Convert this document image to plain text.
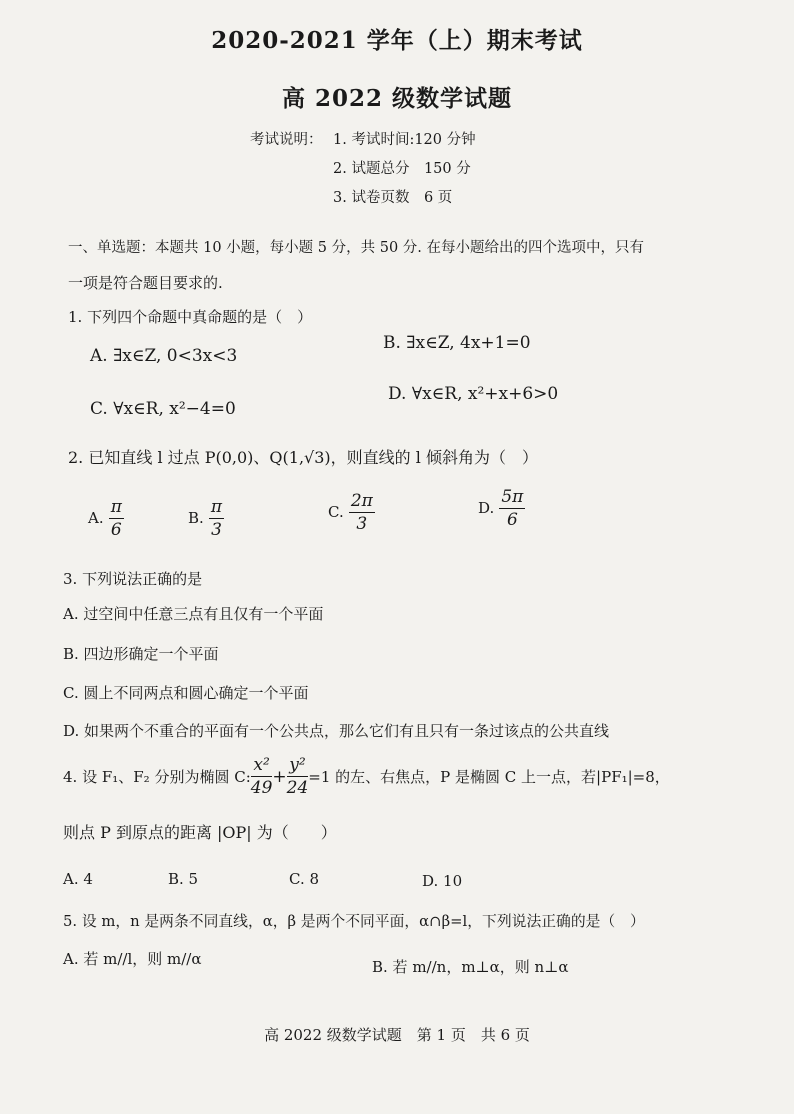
2020-2021 学年（上）期末考试
高 2022 级数学试题
考试说明： 1. 考试时间:120 分钟
2. 试题总分　150 分
3. 试卷页数　6 页
一、单选题：本题共 10 小题，每小题 5 分，共 50 分. 在每小题给出的四个选项中，只有
一项是符合题目要求的.
1. 下列四个命题中真命题的是（　）
A. ∃x∈Z, 0<3x<3
B. ∃x∈Z, 4x+1=0
C. ∀x∈R, x²−4=0
D. ∀x∈R, x²+x+6>0
2. 已知直线 l 过点 P(0,0)、Q(1,√3)，则直线的 l 倾斜角为（　）
A. $\frac{\pi}{6}$	B. $\frac{\pi}{3}$	C. $\frac{2\pi}{3}$	D. $\frac{5\pi}{6}$
3. 下列说法正确的是
A. 过空间中任意三点有且仅有一个平面
B. 四边形确定一个平面
C. 圆上不同两点和圆心确定一个平面
D. 如果两个不重合的平面有一个公共点，那么它们有且只有一条过该点的公共直线
4. 设 F₁、F₂ 分别为椭圆 C: $\frac{\text{x²}}{49} + \frac{\text{y²}}{24} =1$ 的左、右焦点，P 是椭圆 C 上一点，若|PF₁|=8，
则点 P 到原点的距离 |OP| 为（　　）
A. 4	B. 5	C. 8	D. 10
5. 设 m，n 是两条不同直线，α，β 是两个不同平面，α∩β=l，下列说法正确的是（　）
A. 若 m//l，则 m//α	B. 若 m//n，m⊥α，则 n⊥α
高 2022 级数学试题　第 1 页　共 6 页
